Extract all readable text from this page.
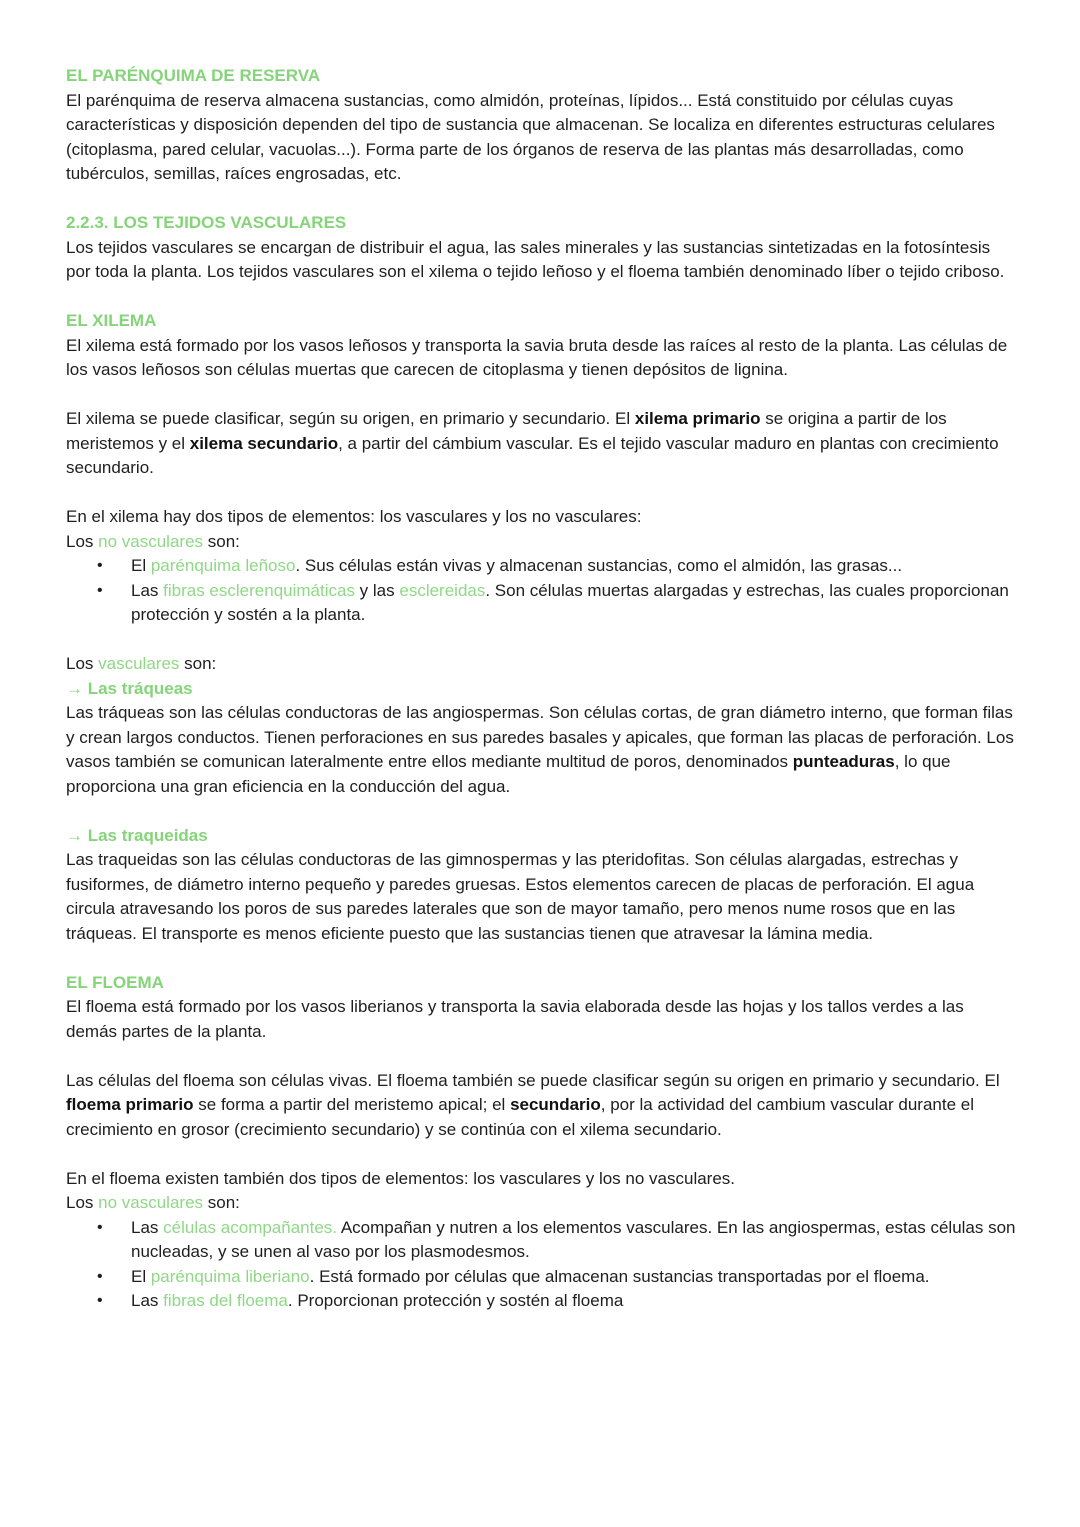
EL PARÉNQUIMA DE RESERVA

El parénquima de reserva almacena sustancias, como almidón, proteínas, lípidos... Está constituido por células cuyas características y disposición dependen del tipo de sustancia que almacenan. Se localiza en diferentes estructuras celulares (citoplasma, pared celular, vacuolas...). Forma parte de los órganos de reserva de las plantas más desarrolladas, como tubérculos, semillas, raíces engrosadas, etc.

2.2.3. LOS TEJIDOS VASCULARES

Los tejidos vasculares se encargan de distribuir el agua, las sales minerales y las sustancias sintetizadas en la fotosíntesis por toda la planta. Los tejidos vasculares son el xilema o tejido leñoso y el floema también denominado líber o tejido criboso.

EL XILEMA

El xilema está formado por los vasos leñosos y transporta la savia bruta desde las raíces al resto de la planta. Las células de los vasos leñosos son células muertas que carecen de citoplasma y tienen depósitos de lignina.

El xilema se puede clasificar, según su origen, en primario y secundario. El xilema primario se origina a partir de los meristemos y el xilema secundario, a partir del cámbium vascular. Es el tejido vascular maduro en plantas con crecimiento secundario.

En el xilema hay dos tipos de elementos: los vasculares y los no vasculares:

Los no vasculares son:

• El parénquima leñoso. Sus células están vivas y almacenan sustancias, como el almidón, las grasas...
• Las fibras esclerenquimáticas y las esclereidas. Son células muertas alargadas y estrechas, las cuales proporcionan protección y sostén a la planta.

Los vasculares son:

→ Las tráqueas

Las tráqueas son las células conductoras de las angiospermas. Son células cortas, de gran diámetro interno, que forman filas y crean largos conductos. Tienen perforaciones en sus paredes basales y apicales, que forman las placas de perforación. Los vasos también se comunican lateralmente entre ellos mediante multitud de poros, denominados punteaduras, lo que proporciona una gran eficiencia en la conducción del agua.

→ Las traqueidas

Las traqueidas son las células conductoras de las gimnospermas y las pteridofitas. Son células alargadas, estrechas y fusiformes, de diámetro interno pequeño y paredes gruesas. Estos elementos carecen de placas de perforación. El agua circula atravesando los poros de sus paredes laterales que son de mayor tamaño, pero menos nume rosos que en las tráqueas. El transporte es menos eficiente puesto que las sustancias tienen que atravesar la lámina media.

EL FLOEMA

El floema está formado por los vasos liberianos y transporta la savia elaborada desde las hojas y los tallos verdes a las demás partes de la planta.

Las células del floema son células vivas. El floema también se puede clasificar según su origen en primario y secundario. El floema primario se forma a partir del meristemo apical; el secundario, por la actividad del cambium vascular durante el crecimiento en grosor (crecimiento secundario) y se continúa con el xilema secundario.

En el floema existen también dos tipos de elementos: los vasculares y los no vasculares.

Los no vasculares son:

• Las células acompañantes. Acompañan y nutren a los elementos vasculares. En las angiospermas, estas células son nucleadas, y se unen al vaso por los plasmodesmos.
• El parénquima liberiano. Está formado por células que almacenan sustancias transportadas por el floema.
• Las fibras del floema. Proporcionan protección y sostén al floema
